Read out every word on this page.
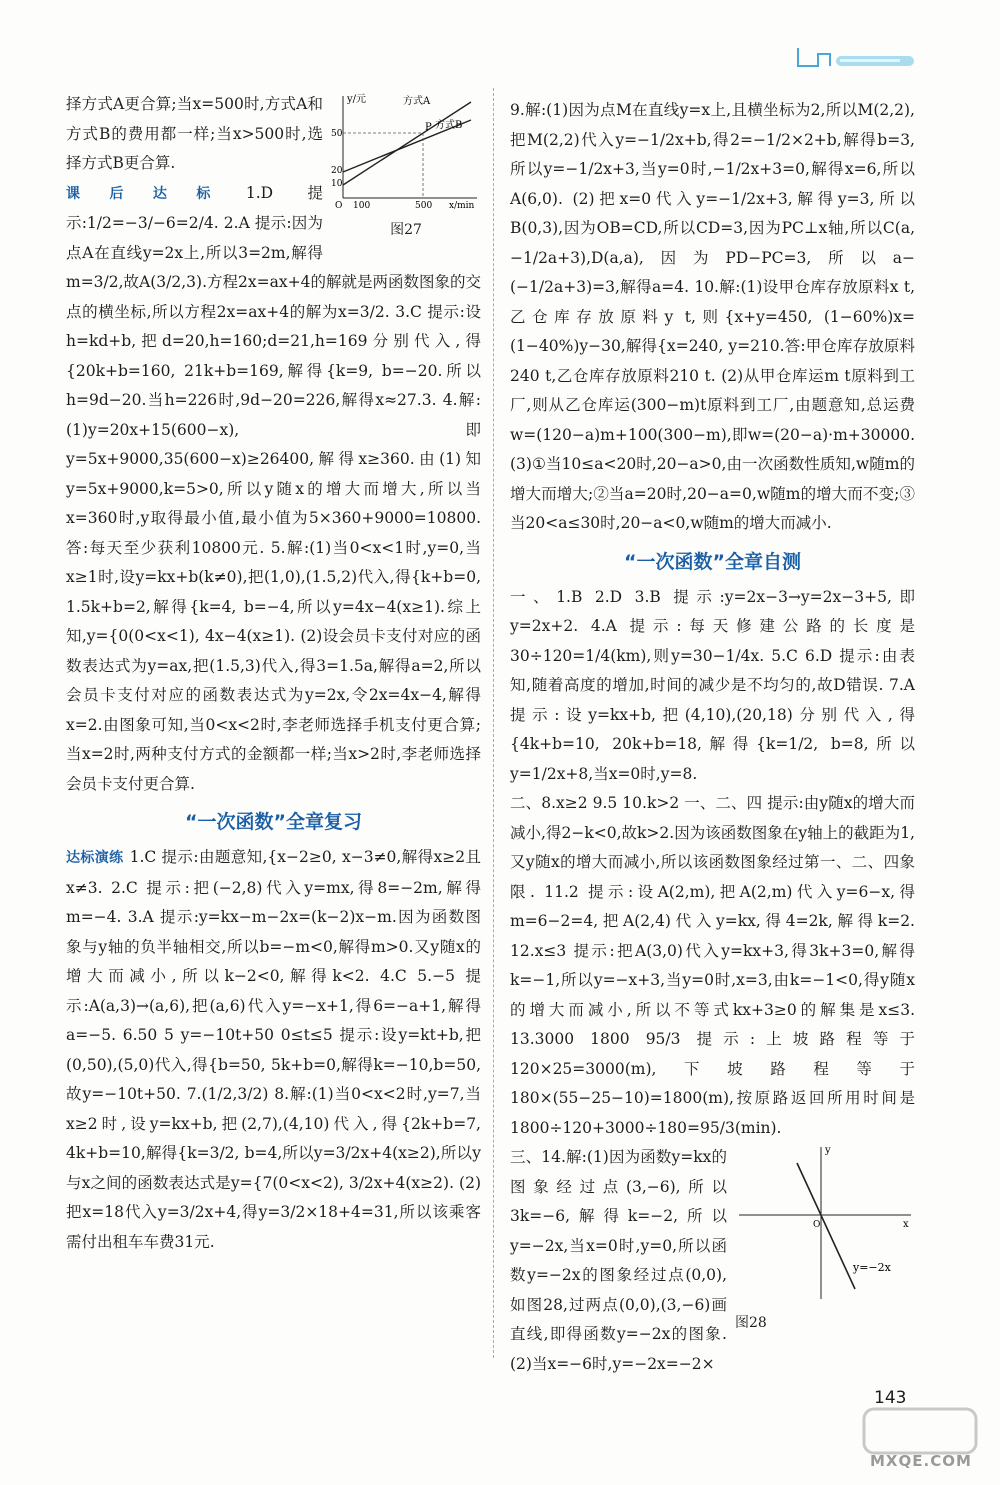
y/元
x/min
方式A
方式B
P
50
20
10
O 100	500
图27

择方式A更合算;当x=500时,方式A和方式B的费用都一样;当x>500时,选择方式B更合算.

课后达标 1.D 提示:1/2=−3/−6=2/4. 2.A 提示:因为点A在直线y=2x上,所以3=2m,解得m=3/2,故A(3/2,3).方程2x=ax+4的解就是两函数图象的交点的横坐标,所以方程2x=ax+4的解为x=3/2. 3.C 提示:设h=kd+b,把d=20,h=160;d=21,h=169分别代入,得{20k+b=160, 21k+b=169,解得{k=9, b=−20.所以h=9d−20.当h=226时,9d−20=226,解得x≈27.3. 4.解:(1)y=20x+15(600−x),即y=5x+9000,35(600−x)≥26400,解得x≥360.由(1)知y=5x+9000,k=5>0,所以y随x的增大而增大,所以当x=360时,y取得最小值,最小值为5×360+9000=10800.答:每天至少获利10800元. 5.解:(1)当0<x<1时,y=0,当x≥1时,设y=kx+b(k≠0),把(1,0),(1.5,2)代入,得{k+b=0, 1.5k+b=2,解得{k=4, b=−4,所以y=4x−4(x≥1).综上知,y={0(0<x<1), 4x−4(x≥1). (2)设会员卡支付对应的函数表达式为y=ax,把(1.5,3)代入,得3=1.5a,解得a=2,所以会员卡支付对应的函数表达式为y=2x,令2x=4x−4,解得x=2.由图象可知,当0<x<2时,李老师选择手机支付更合算;当x=2时,两种支付方式的金额都一样;当x>2时,李老师选择会员卡支付更合算.

“一次函数”全章复习

达标演练 1.C 提示:由题意知,{x−2≥0, x−3≠0,解得x≥2且x≠3. 2.C 提示:把(−2,8)代入y=mx,得8=−2m,解得m=−4. 3.A 提示:y=kx−m−2x=(k−2)x−m.因为函数图象与y轴的负半轴相交,所以b=−m<0,解得m>0.又y随x的增大而减小,所以k−2<0,解得k<2. 4.C 5.−5 提示:A(a,3)→(a,6),把(a,6)代入y=−x+1,得6=−a+1,解得a=−5. 6.50 5 y=−10t+50 0≤t≤5 提示:设y=kt+b,把(0,50),(5,0)代入,得{b=50, 5k+b=0,解得k=−10,b=50,故y=−10t+50. 7.(1/2,3/2) 8.解:(1)当0<x<2时,y=7,当x≥2时,设y=kx+b,把(2,7),(4,10)代入,得{2k+b=7, 4k+b=10,解得{k=3/2, b=4,所以y=3/2x+4(x≥2),所以y与x之间的函数表达式是y={7(0<x<2), 3/2x+4(x≥2). (2)把x=18代入y=3/2x+4,得y=3/2×18+4=31,所以该乘客需付出租车车费31元.

9.解:(1)因为点M在直线y=x上,且横坐标为2,所以M(2,2),把M(2,2)代入y=−1/2x+b,得2=−1/2×2+b,解得b=3,所以y=−1/2x+3,当y=0时,−1/2x+3=0,解得x=6,所以A(6,0). (2)把x=0代入y=−1/2x+3,解得y=3,所以B(0,3),因为OB=CD,所以CD=3,因为PC⊥x轴,所以C(a,−1/2a+3),D(a,a),因为PD−PC=3,所以a−(−1/2a+3)=3,解得a=4. 10.解:(1)设甲仓库存放原料x t,乙仓库存放原料y t,则{x+y=450, (1−60%)x=(1−40%)y−30,解得{x=240, y=210.答:甲仓库存放原料240 t,乙仓库存放原料210 t. (2)从甲仓库运m t原料到工厂,则从乙仓库运(300−m)t原料到工厂,由题意知,总运费w=(120−a)m+100(300−m),即w=(20−a)·m+30000. (3)①当10≤a<20时,20−a>0,由一次函数性质知,w随m的增大而增大;②当a=20时,20−a=0,w随m的增大而不变;③当20<a≤30时,20−a<0,w随m的增大而减小.

“一次函数”全章自测

一、1.B 2.D 3.B 提示:y=2x−3→y=2x−3+5,即y=2x+2. 4.A 提示:每天修建公路的长度是30÷120=1/4(km),则y=30−1/4x. 5.C 6.D 提示:由表知,随着高度的增加,时间的减少是不均匀的,故D错误. 7.A 提示:设y=kx+b,把(4,10),(20,18)分别代入,得{4k+b=10, 20k+b=18,解得{k=1/2, b=8,所以y=1/2x+8,当x=0时,y=8.

二、8.x≥2 9.5 10.k>2 一、二、四 提示:由y随x的增大而减小,得2−k<0,故k>2.因为该函数图象在y轴上的截距为1,又y随x的增大而减小,所以该函数图象经过第一、二、四象限. 11.2 提示:设A(2,m),把A(2,m)代入y=6−x,得m=6−2=4,把A(2,4)代入y=kx,得4=2k,解得k=2. 12.x≤3 提示:把A(3,0)代入y=kx+3,得3k+3=0,解得k=−1,所以y=−x+3,当y=0时,x=3,由k=−1<0,得y随x的增大而减小,所以不等式kx+3≥0的解集是x≤3. 13.3000 1800 95/3 提示:上坡路程等于120×25=3000(m),下坡路程等于180×(55−25−10)=1800(m),按原路返回所用时间是1800÷120+3000÷180=95/3(min).

x
y
O
y=−2x
图28

三、14.解:(1)因为函数y=kx的图象经过点(3,−6),所以3k=−6,解得k=−2,所以y=−2x,当x=0时,y=0,所以函数y=−2x的图象经过点(0,0),如图28,过两点(0,0),(3,−6)画直线,即得函数y=−2x的图象. (2)当x=−6时,y=−2x=−2×

143
MXQE.COM
